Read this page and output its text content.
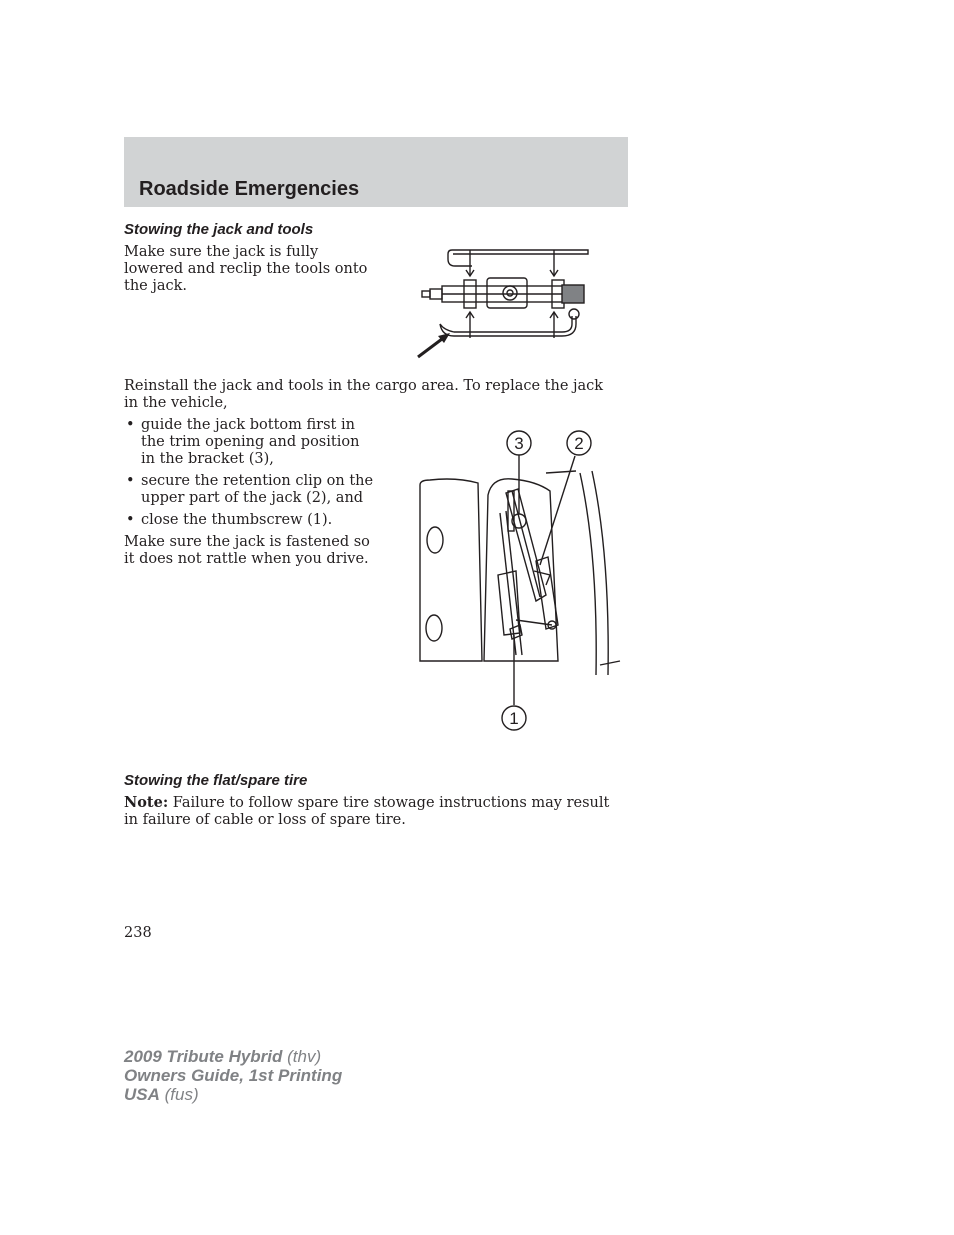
Roadside Emergencies
Stowing the jack and tools

Make sure the jack is fully lowered and reclip the tools onto the jack.

Reinstall the jack and tools in the cargo area. To replace the jack in the vehicle,

• guide the jack bottom first in the trim opening and position in the bracket (3),
• secure the retention clip on the upper part of the jack (2), and
• close the thumbscrew (1).

Make sure the jack is fastened so it does not rattle when you drive.

3	2
1
Stowing the flat/spare tire

Note: Failure to follow spare tire stowage instructions may result in failure of cable or loss of spare tire.

238

2009 Tribute Hybrid (thv)
Owners Guide, 1st Printing
USA (fus)
